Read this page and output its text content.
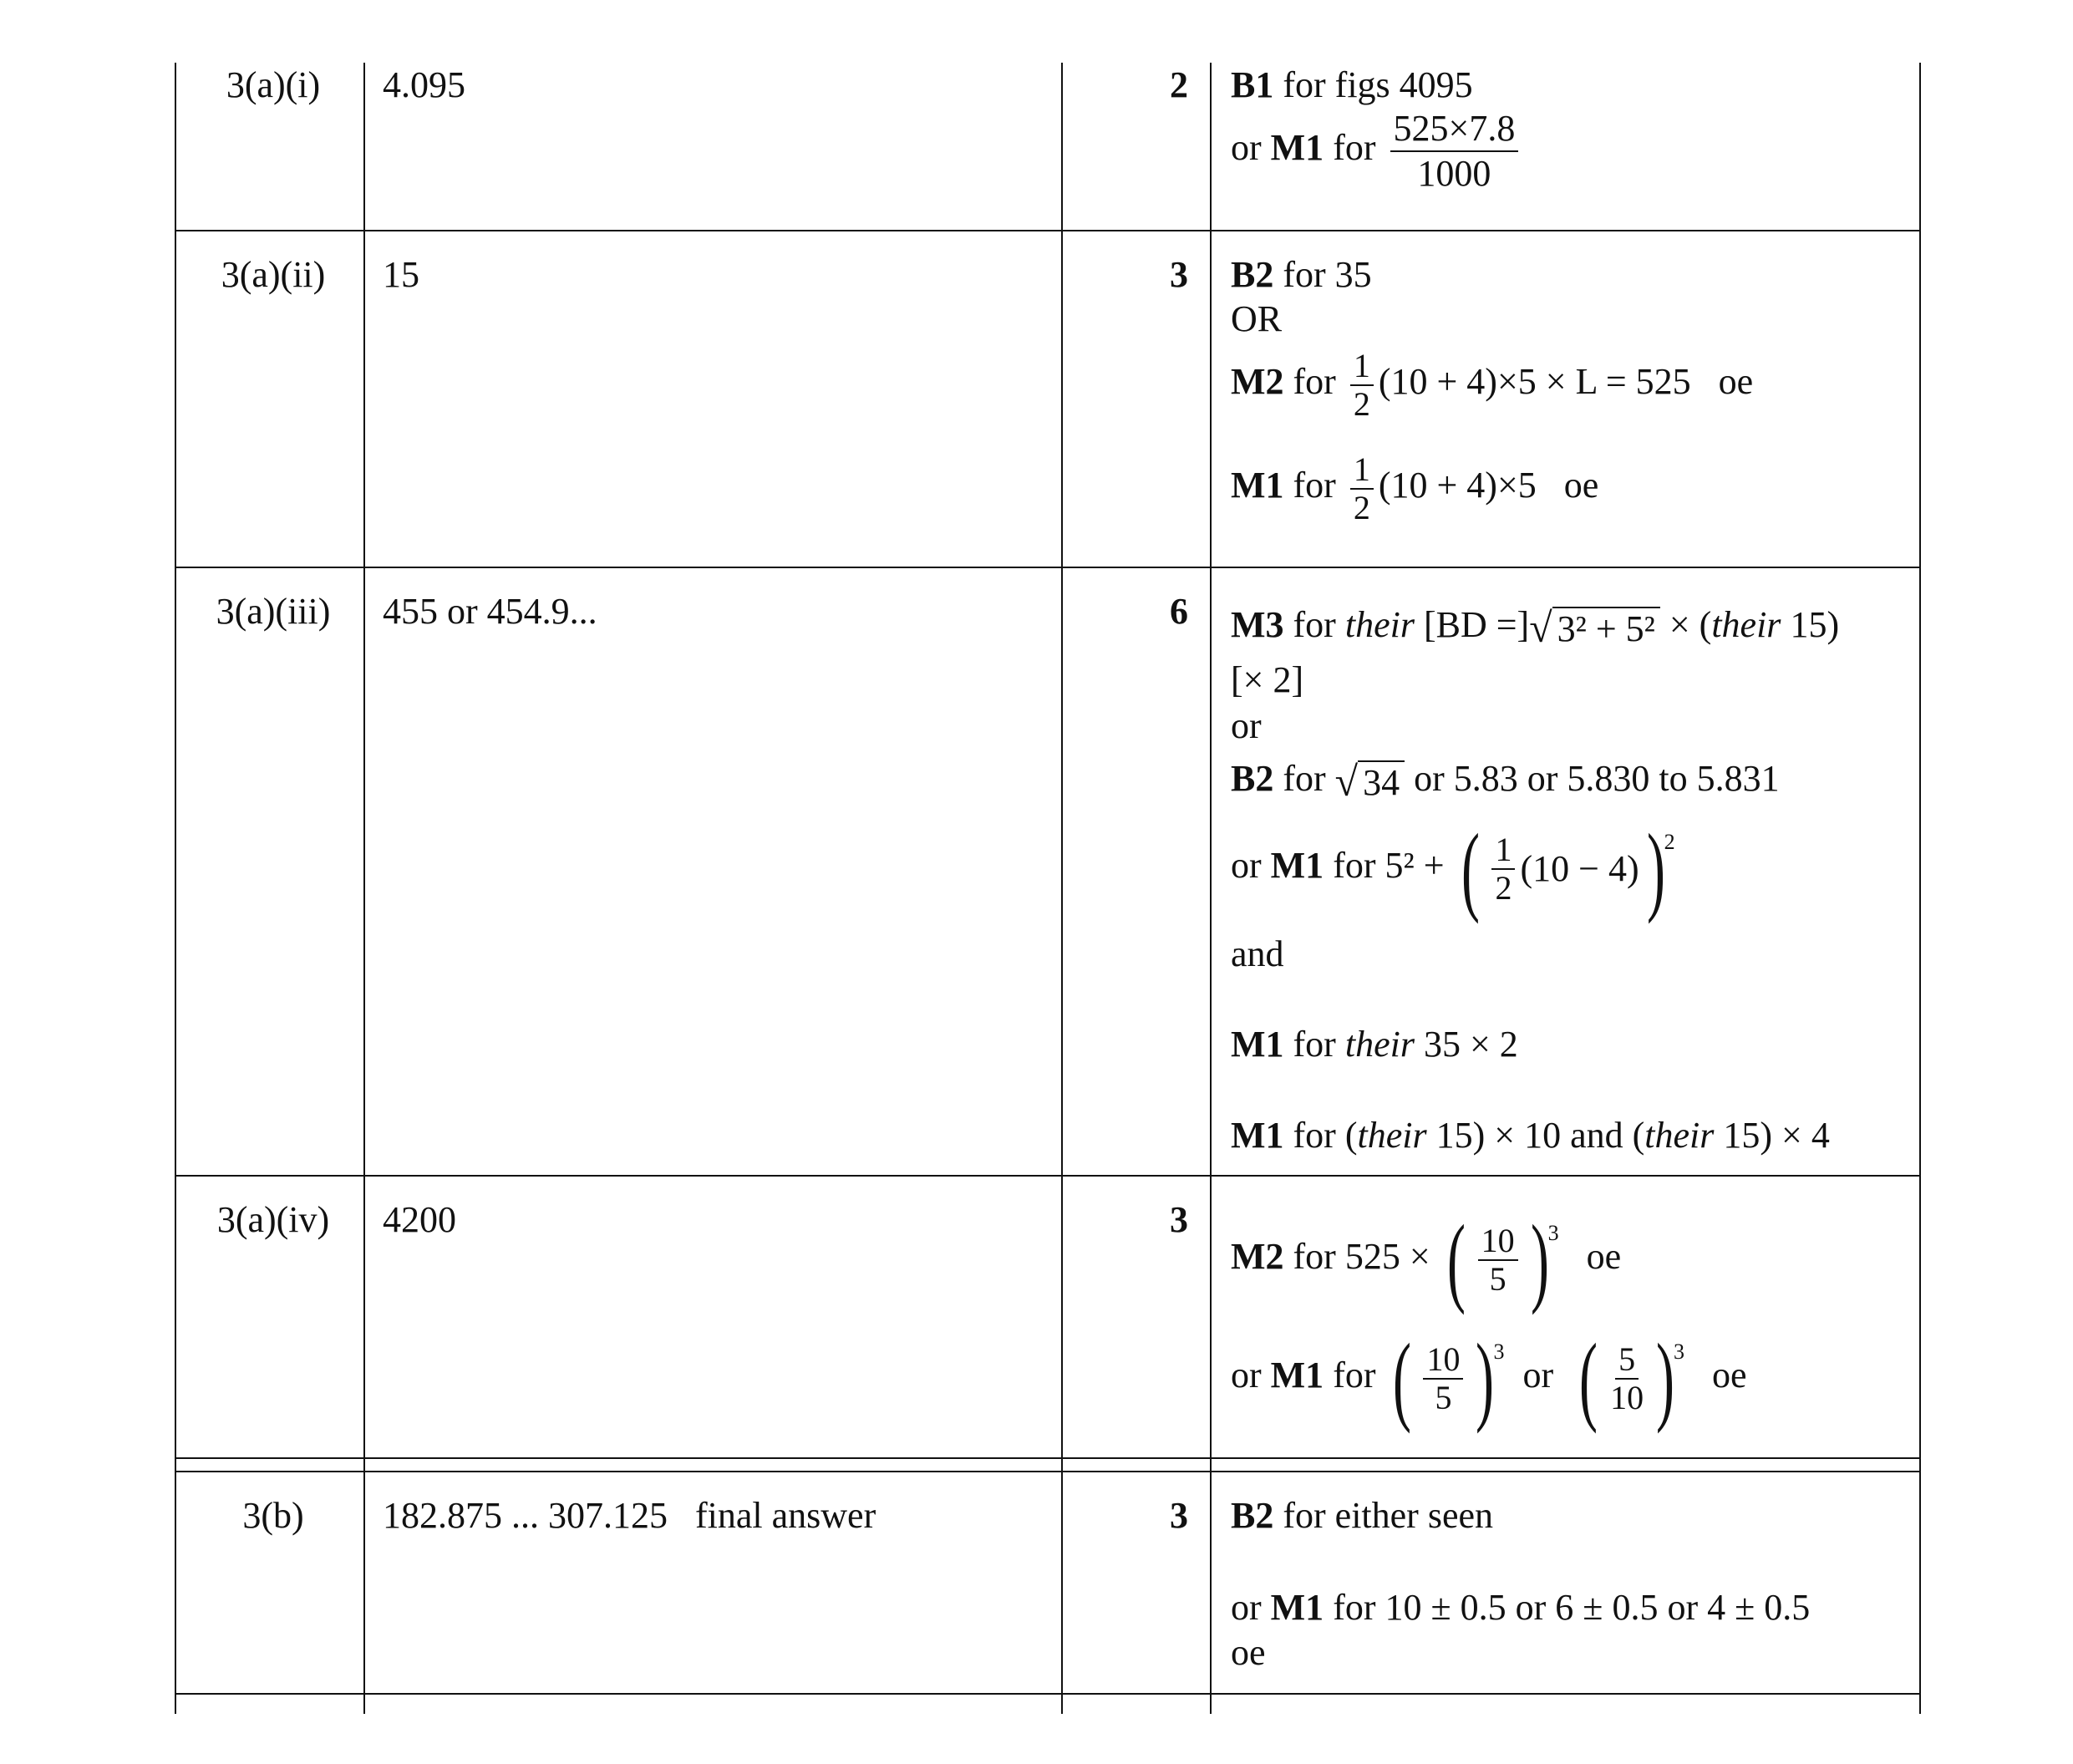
3(a)(i)	4.095	2 B1 for figs 4095
or M1 for $\frac{525\times 7.8}{1000}$
3(a)(ii)	15	3 B2 for 35
OR
M2 for $\frac{1}{2} (10 + 4)\times 5 \times L = 525$ oe
M1 for $\frac{1}{2} (10 + 4)\times 5$ oe
3(a)(iii)	455 or 454.9...	6 M3 for their [BD =] √ 3² + 5² × (their 15)
[× 2]
or
B2 for √ 34 or 5.83 or 5.830 to 5.831
or M1 for 5² + ( $\frac{1}{2} (10 - 4)$ )
2
and
M1 for their 35 × 2
M1 for (their 15) × 10 and (their 15) × 4
3(a)(iv)	4200	3
M2 for 525 × ( $\frac{10}{5}$ )
3
oe
or M1 for ( $\frac{10}{5}$ )
3
or ( $\frac{5}{10}$ )
3
oe
3(b)	182.875 ... 307.125   final answer	3 B2 for either seen
or M1 for 10 ± 0.5 or 6 ± 0.5 or 4 ± 0.5
oe
